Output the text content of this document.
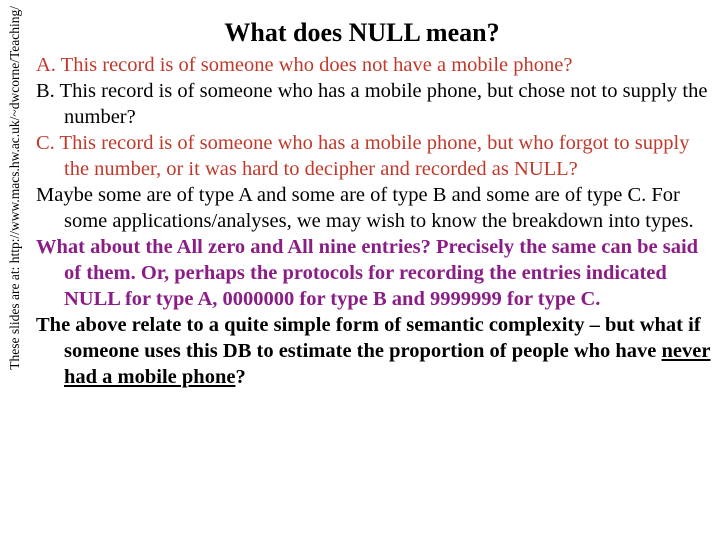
These slides are at: http://www.macs.hw.ac.uk/~dwcorne/Teaching/	What does NULL mean?

A. This record is of someone who does not have a mobile phone?

B. This record is of someone who has a mobile phone, but chose not to supply the number?

C. This record is of someone who has a mobile phone, but who forgot to supply the number, or it was hard to decipher and recorded as NULL?

Maybe some are of type A and some are of type B and some are of type C. For some applications/analyses, we may wish to know the breakdown into types.

What about the All zero and All nine entries? Precisely the same can be said of them. Or, perhaps the protocols for recording the entries indicated NULL for type A, 0000000 for type B and 9999999 for type C.

The above relate to a quite simple form of semantic complexity – but what if someone uses this DB to estimate the proportion of people who have never had a mobile phone?
